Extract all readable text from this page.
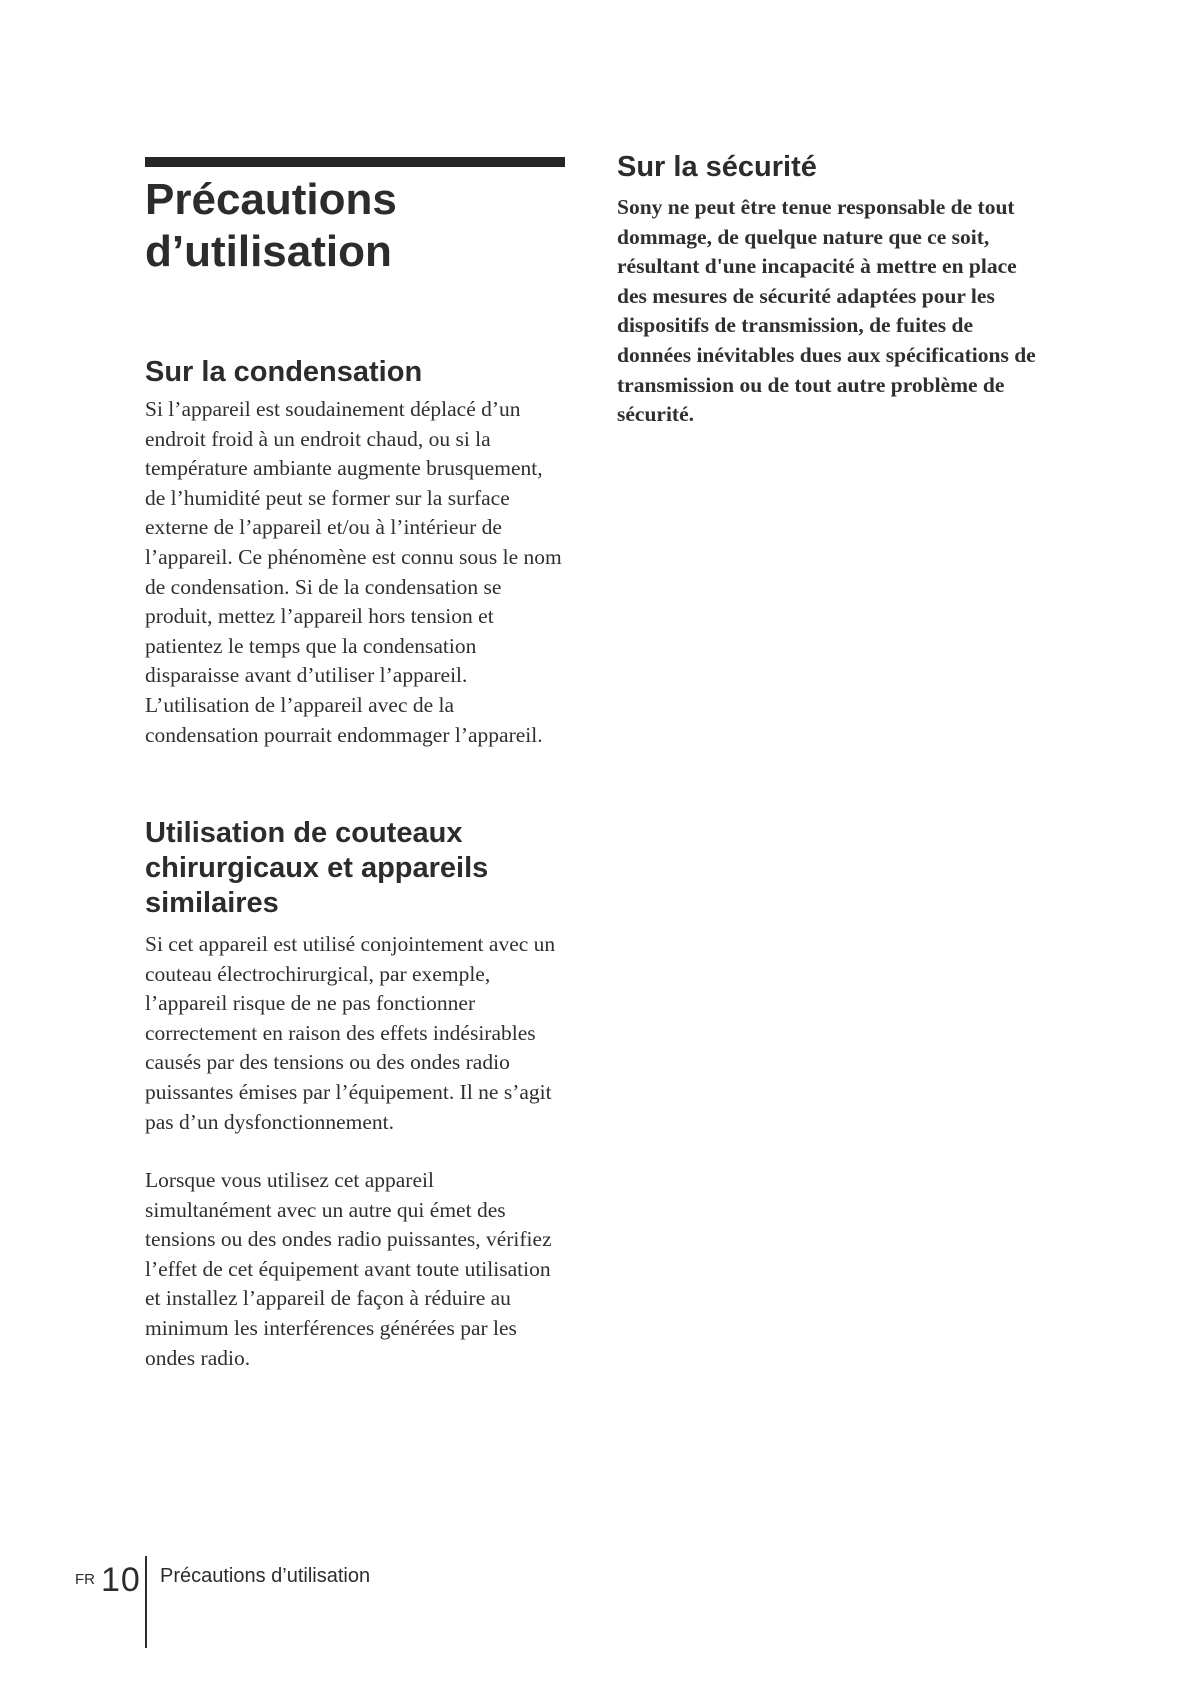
Précautions
d’utilisation
Sur la condensation

Si l’appareil est soudainement déplacé d’un endroit froid à un endroit chaud, ou si la température ambiante augmente brusquement, de l’humidité peut se former sur la surface externe de l’appareil et/ou à l’intérieur de l’appareil. Ce phénomène est connu sous le nom de condensation. Si de la condensation se produit, mettez l’appareil hors tension et patientez le temps que la condensation disparaisse avant d’utiliser l’appareil. L’utilisation de l’appareil avec de la condensation pourrait endommager l’appareil.

Utilisation de couteaux chirurgicaux et appareils similaires

Si cet appareil est utilisé conjointement avec un couteau électrochirurgical, par exemple, l’appareil risque de ne pas fonctionner correctement en raison des effets indésirables causés par des tensions ou des ondes radio puissantes émises par l’équipement. Il ne s’agit pas d’un dysfonctionnement.

Lorsque vous utilisez cet appareil simultanément avec un autre qui émet des tensions ou des ondes radio puissantes, vérifiez l’effet de cet équipement avant toute utilisation et installez l’appareil de façon à réduire au minimum les interférences générées par les ondes radio.

Sur la sécurité

Sony ne peut être tenue responsable de tout dommage, de quelque nature que ce soit, résultant d'une incapacité à mettre en place des mesures de sécurité adaptées pour les dispositifs de transmission, de fuites de données inévitables dues aux spécifications de transmission ou de tout autre problème de sécurité.

FR 10 Précautions d’utilisation
